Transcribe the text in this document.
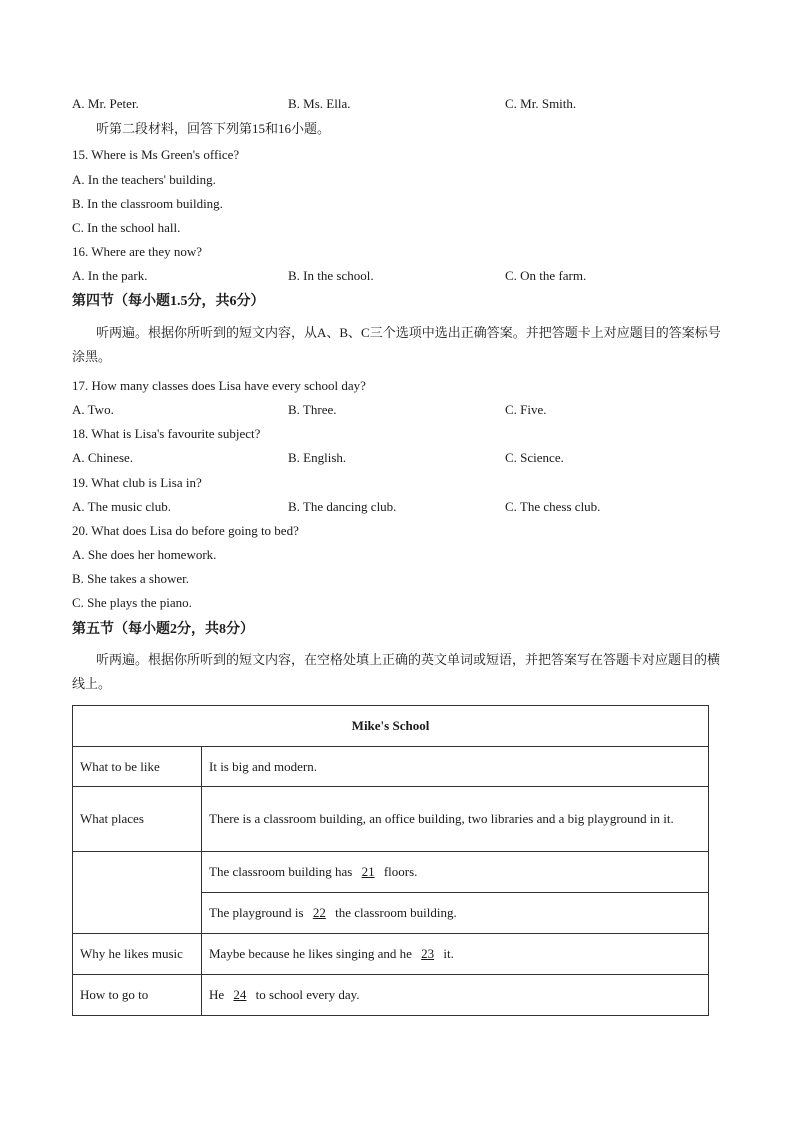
A. Mr. Peter.	B. Ms. Ella.	C. Mr. Smith.
听第二段材料，回答下列第15和16小题。
15. Where is Ms Green's office?
A. In the teachers' building.
B. In the classroom building.
C. In the school hall.
16. Where are they now?
A. In the park.	B. In the school.	C. On the farm.
第四节（每小题1.5分，共6分）
听两遍。根据你所听到的短文内容，从A、B、C三个选项中选出正确答案。并把答题卡上对应题目的答案标号涂黑。
17. How many classes does Lisa have every school day?
A. Two.	B. Three.	C. Five.
18. What is Lisa's favourite subject?
A. Chinese.	B. English.	C. Science.
19. What club is Lisa in?
A. The music club.	B. The dancing club.	C. The chess club.
20. What does Lisa do before going to bed?
A. She does her homework.
B. She takes a shower.
C. She plays the piano.
第五节（每小题2分，共8分）
听两遍。根据你所听到的短文内容，在空格处填上正确的英文单词或短语，并把答案写在答题卡对应题目的横线上。
Mike's School	
What to be like	It is big and modern.
What places	There is a classroom building, an office building, two libraries and a big playground in it.
	The classroom building has 21 floors.
	The playground is 22 the classroom building.
Why he likes music	Maybe because he likes singing and he 23 it.
How to go to	He 24 to school every day.
